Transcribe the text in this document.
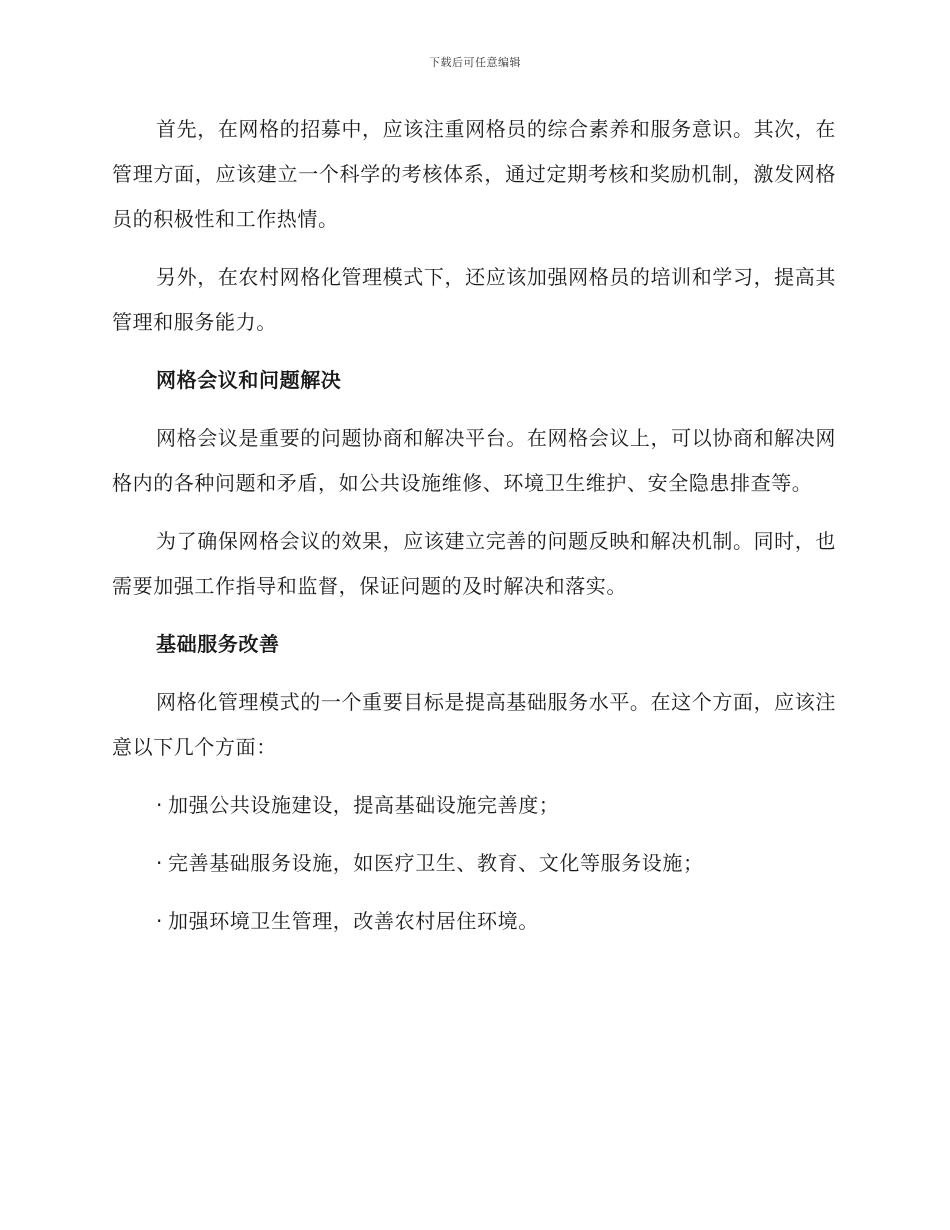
下载后可任意编辑

首先，在网格的招募中，应该注重网格员的综合素养和服务意识。其次，在管理方面，应该建立一个科学的考核体系，通过定期考核和奖励机制，激发网格员的积极性和工作热情。

另外，在农村网格化管理模式下，还应该加强网格员的培训和学习，提高其管理和服务能力。

网格会议和问题解决

网格会议是重要的问题协商和解决平台。在网格会议上，可以协商和解决网格内的各种问题和矛盾，如公共设施维修、环境卫生维护、安全隐患排查等。

为了确保网格会议的效果，应该建立完善的问题反映和解决机制。同时，也需要加强工作指导和监督，保证问题的及时解决和落实。

基础服务改善

网格化管理模式的一个重要目标是提高基础服务水平。在这个方面，应该注意以下几个方面：

· 加强公共设施建设，提高基础设施完善度；

· 完善基础服务设施，如医疗卫生、教育、文化等服务设施；

· 加强环境卫生管理，改善农村居住环境。
